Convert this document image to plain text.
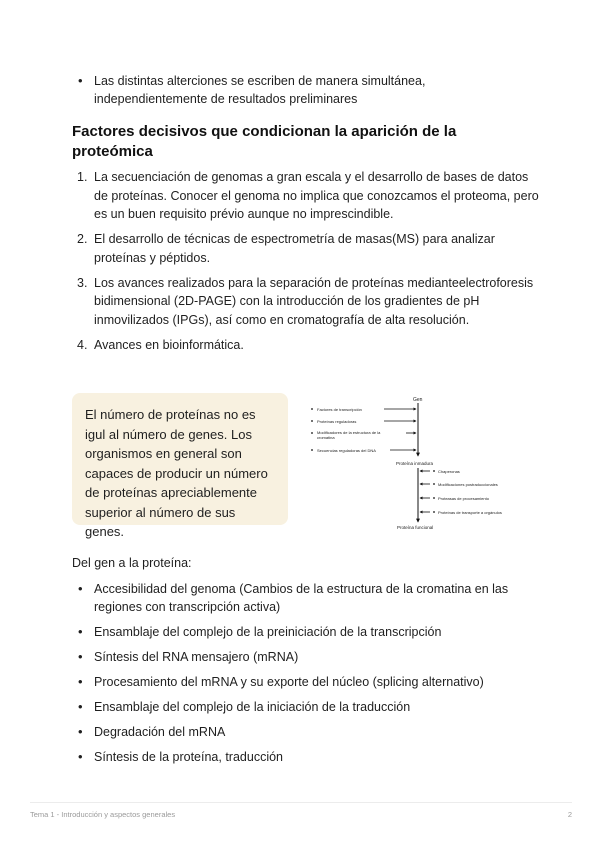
• Las distintas alterciones se escriben de manera simultánea, independientemente de resultados preliminares
Factores decisivos que condicionan la aparición de la proteómica
1. La secuenciación de genomas a gran escala y el desarrollo de bases de datos de proteínas. Conocer el genoma no implica que conozcamos el proteoma, pero es un buen requisito prévio aunque no imprescindible.
2. El desarrollo de técnicas de espectrometría de masas(MS) para analizar proteínas y péptidos.
3. Los avances realizados para la separación de proteínas medianteelectroforesis bidimensional (2D-PAGE) con la introducción de los gradientes de pH inmovilizados (IPGs), así como en cromatografía de alta resolución.
4. Avances en bioinformática.
El número de proteínas no es igul al número de genes. Los organismos en general son capaces de producir un número de proteínas apreciablemente superior al número de sus genes.
Gen
Factores de transcripción
Proteínas reguladoras
Modificadores de la estructura de la
cromatina
Secuencias reguladoras del DNA
Proteína inmadura
Chaperonas
Modificaciones postraduccionales
Proteasas de procesamiento
Proteínas de transporte a orgánulos
Proteína funcional

Del gen a la proteína:

• Accesibilidad del genoma (Cambios de la estructura de la cromatina en las regiones con transcripción activa)
• Ensamblaje del complejo de la preiniciación de la transcripción
• Síntesis del RNA mensajero (mRNA)
• Procesamiento del mRNA y su exporte del núcleo (splicing alternativo)
• Ensamblaje del complejo de la iniciación de la traducción
• Degradación del mRNA
• Síntesis de la proteína, traducción
Tema 1 - Introducción y aspectos generales	2
